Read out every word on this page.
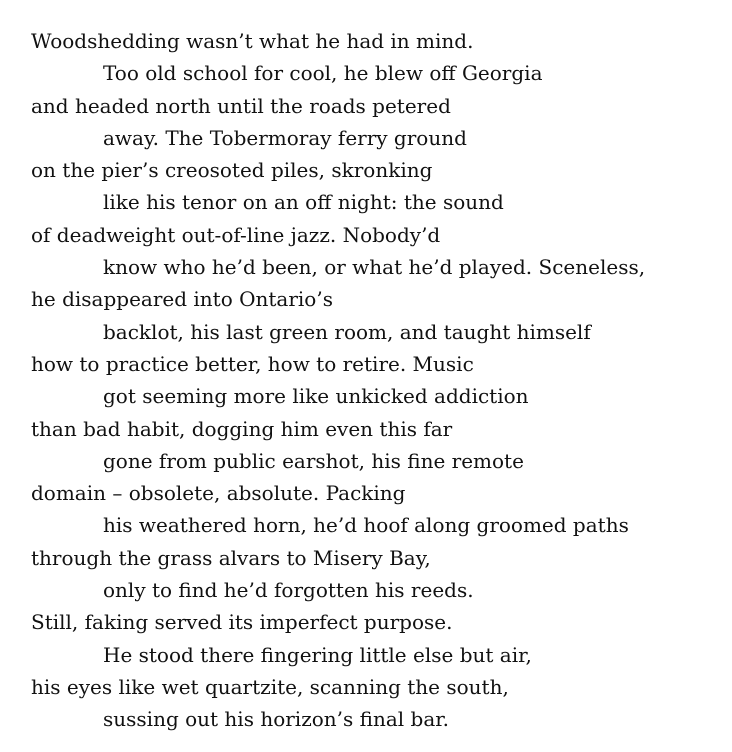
Woodshedding wasn’t what he had in mind.
Too old school for cool, he blew off Georgia
and headed north until the roads petered
away. The Tobermoray ferry ground
on the pier’s creosoted piles, skronking
like his tenor on an off night: the sound
of deadweight out-of-line jazz. Nobody’d
know who he’d been, or what he’d played. Sceneless,
he disappeared into Ontario’s
backlot, his last green room, and taught himself
how to practice better, how to retire. Music
got seeming more like unkicked addiction
than bad habit, dogging him even this far
gone from public earshot, his fine remote
domain – obsolete, absolute. Packing
his weathered horn, he’d hoof along groomed paths
through the grass alvars to Misery Bay,
only to find he’d forgotten his reeds.
Still, faking served its imperfect purpose.
He stood there fingering little else but air,
his eyes like wet quartzite, scanning the south,
sussing out his horizon’s final bar.
